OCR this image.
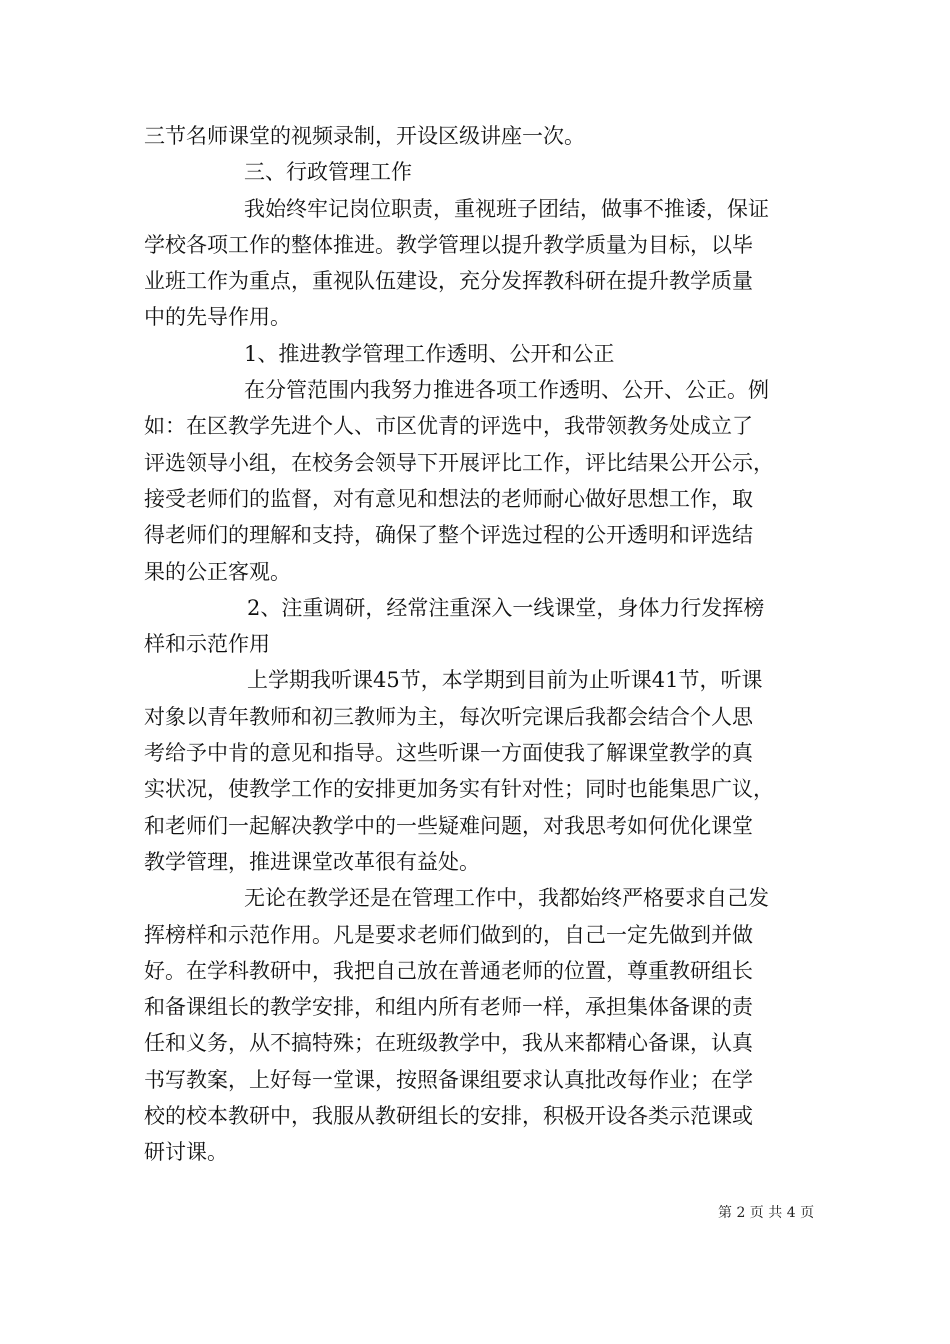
三节名师课堂的视频录制，开设区级讲座一次。
三、行政管理工作
我始终牢记岗位职责，重视班子团结，做事不推诿，保证
学校各项工作的整体推进。教学管理以提升教学质量为目标，以毕
业班工作为重点，重视队伍建设，充分发挥教科研在提升教学质量
中的先导作用。
1、推进教学管理工作透明、公开和公正
在分管范围内我努力推进各项工作透明、公开、公正。例
如：在区教学先进个人、市区优青的评选中，我带领教务处成立了
评选领导小组，在校务会领导下开展评比工作，评比结果公开公示，
接受老师们的监督，对有意见和想法的老师耐心做好思想工作，取
得老师们的理解和支持，确保了整个评选过程的公开透明和评选结
果的公正客观。
2、注重调研，经常注重深入一线课堂，身体力行发挥榜
样和示范作用
上学期我听课45节，本学期到目前为止听课41节，听课
对象以青年教师和初三教师为主，每次听完课后我都会结合个人思
考给予中肯的意见和指导。这些听课一方面使我了解课堂教学的真
实状况，使教学工作的安排更加务实有针对性；同时也能集思广议，
和老师们一起解决教学中的一些疑难问题，对我思考如何优化课堂
教学管理，推进课堂改革很有益处。
无论在教学还是在管理工作中，我都始终严格要求自己发
挥榜样和示范作用。凡是要求老师们做到的，自己一定先做到并做
好。在学科教研中，我把自己放在普通老师的位置，尊重教研组长
和备课组长的教学安排，和组内所有老师一样，承担集体备课的责
任和义务，从不搞特殊；在班级教学中，我从来都精心备课，认真
书写教案，上好每一堂课，按照备课组要求认真批改每作业；在学
校的校本教研中，我服从教研组长的安排，积极开设各类示范课或
研讨课。
第 2 页 共 4 页
